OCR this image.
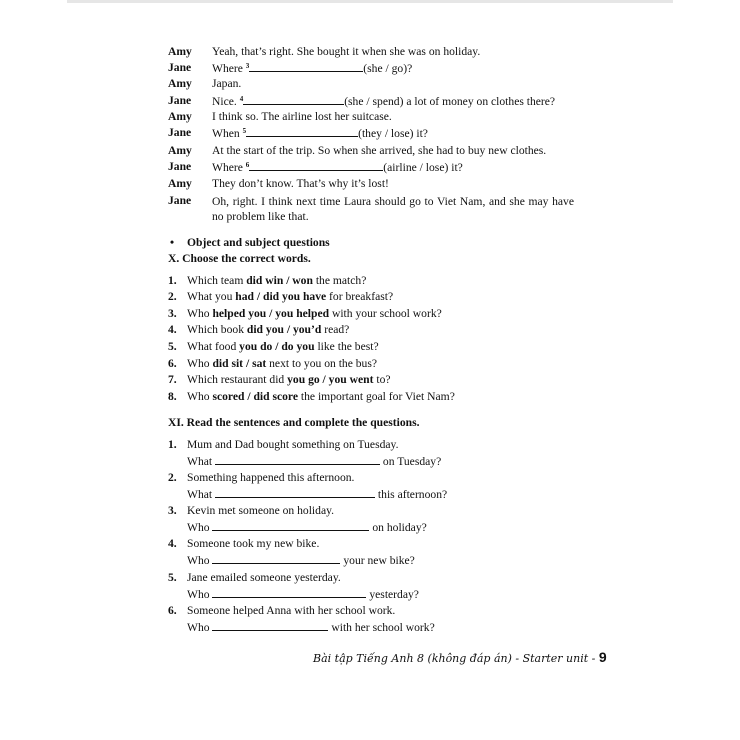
Amy Yeah, that’s right. She bought it when she was on holiday.
Jane Where $^3$	(she / go)?
Amy Japan.
Jane Nice. $^4$	(she / spend) a lot of money on clothes there?
Amy I think so. The airline lost her suitcase.
Jane When $^5$	(they / lose) it?
Amy At the start of the trip. So when she arrived, she had to buy new clothes.
Jane Where $^6$	(airline / lose) it?
Amy They don’t know. That’s why it’s lost!
Jane Oh, right. I think next time Laura should go to Viet Nam, and she may have no problem like that.
• Object and subject questions
X. Choose the correct words.
1. Which team did win / won the match?
2. What you had / did you have for breakfast?
3. Who helped you / you helped with your school work?
4. Which book did you / you’d read?
5. What food you do / do you like the best?
6. Who did sit / sat next to you on the bus?
7. Which restaurant did you go / you went to?
8. Who scored / did score the important goal for Viet Nam?
XI. Read the sentences and complete the questions.
1. Mum and Dad bought something on Tuesday.
What	on Tuesday?
2. Something happened this afternoon.
What	this afternoon?
3. Kevin met someone on holiday.
Who	on holiday?
4. Someone took my new bike.
Who	your new bike?
5. Jane emailed someone yesterday.
Who	yesterday?
6. Someone helped Anna with her school work.
Who	with her school work?
Bài tập Tiếng Anh 8 (không đáp án) - Starter unit - 9
